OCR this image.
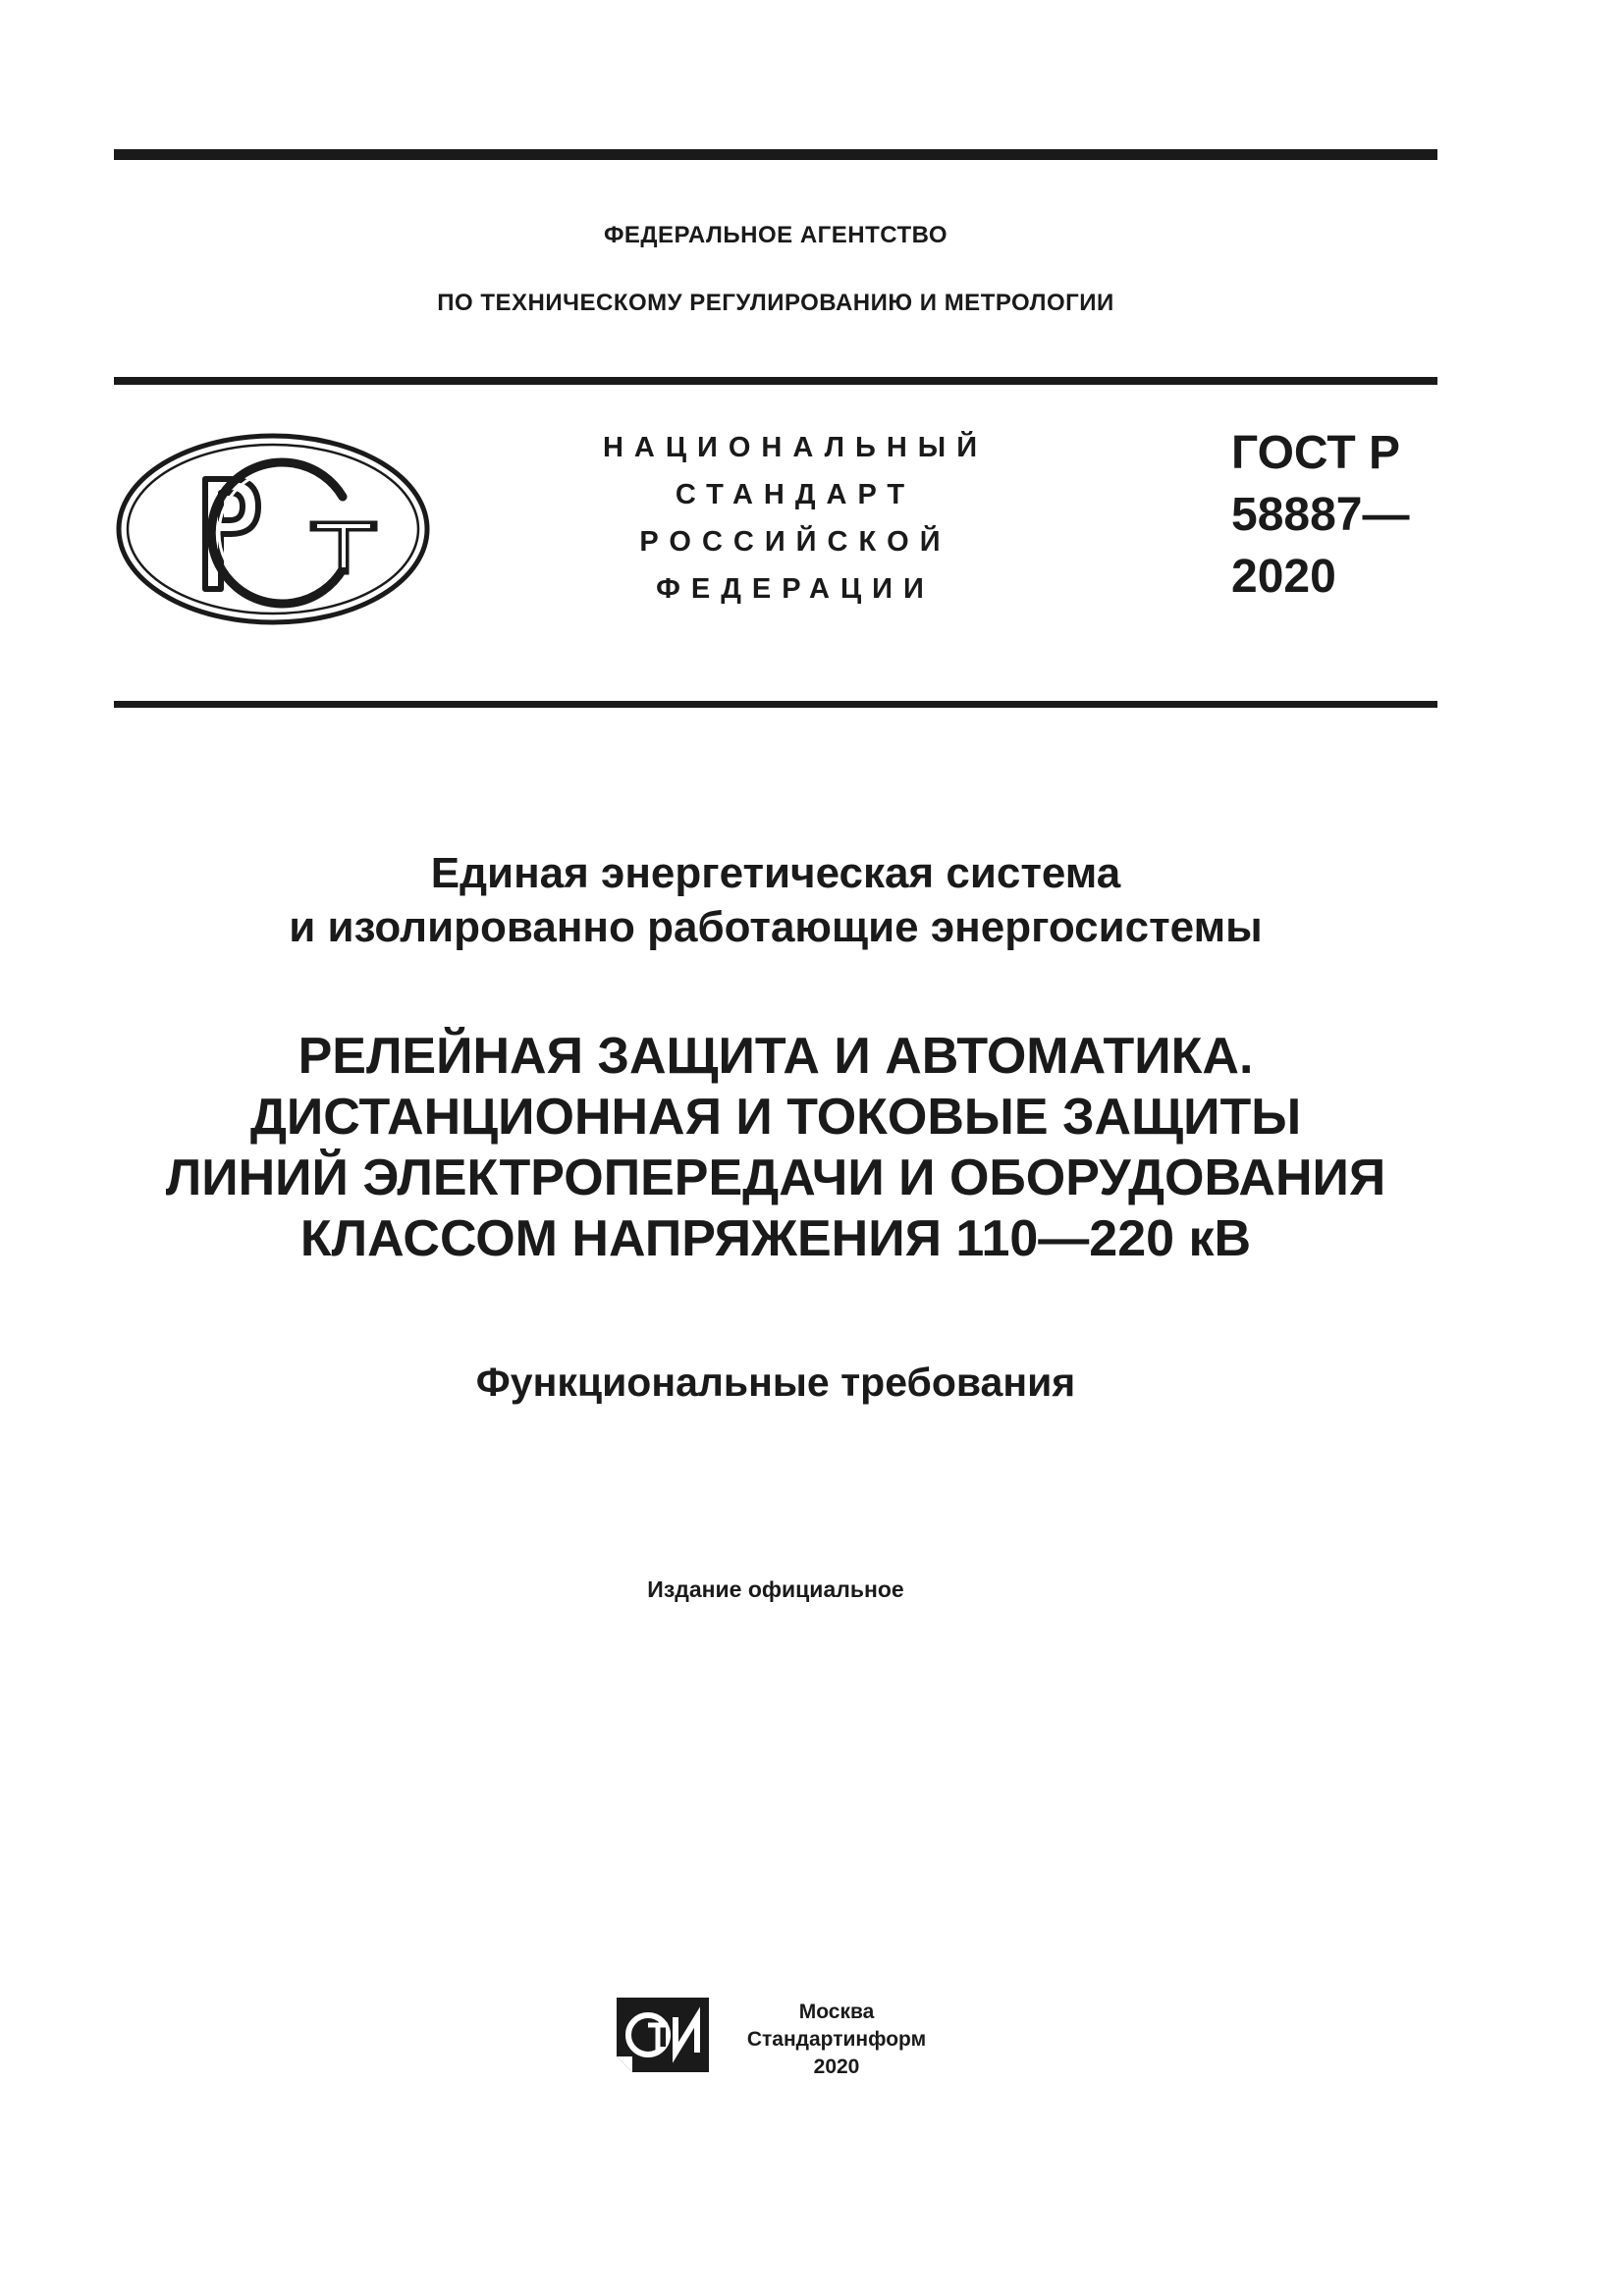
ФЕДЕРАЛЬНОЕ АГЕНТСТВО
ПО ТЕХНИЧЕСКОМУ РЕГУЛИРОВАНИЮ И МЕТРОЛОГИИ
НАЦИОНАЛЬНЫЙ
СТАНДАРТ
РОССИЙСКОЙ
ФЕДЕРАЦИИ
ГОСТ Р
58887—
2020
Единая энергетическая система
и изолированно работающие энергосистемы
РЕЛЕЙНАЯ ЗАЩИТА И АВТОМАТИКА.
ДИСТАНЦИОННАЯ И ТОКОВЫЕ ЗАЩИТЫ
ЛИНИЙ ЭЛЕКТРОПЕРЕДАЧИ И ОБОРУДОВАНИЯ
КЛАССОМ НАПРЯЖЕНИЯ 110—220 кВ
Функциональные требования
Издание официальное
Москва
Стандартинформ
2020
